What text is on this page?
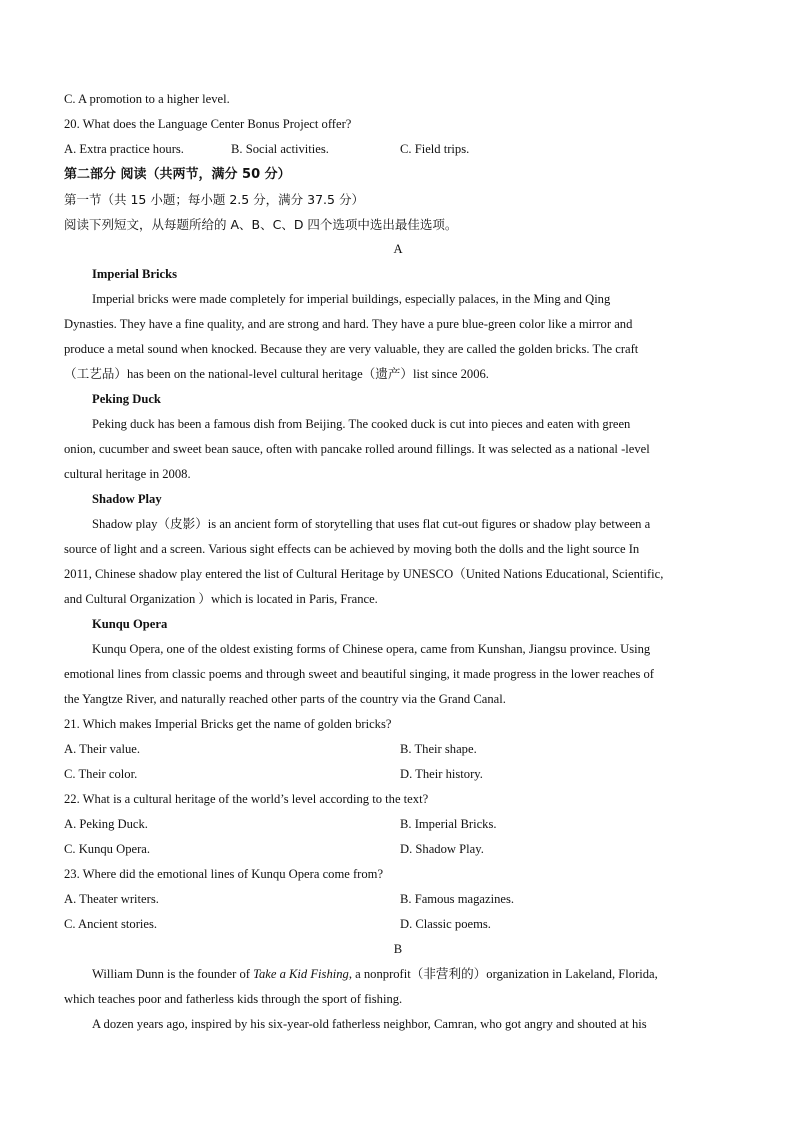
C. A promotion to a higher level.
20. What does the Language Center Bonus Project offer?
A. Extra practice hours.	B. Social activities.	C. Field trips.
第二部分 阅读（共两节，满分 50 分）
第一节（共 15 小题；每小题 2.5 分，满分 37.5 分）
阅读下列短文，从每题所给的 A、B、C、D 四个选项中选出最佳选项。
A
Imperial Bricks
Imperial bricks were made completely for imperial buildings, especially palaces, in the Ming and Qing
Dynasties. They have a fine quality, and are strong and hard. They have a pure blue-green color like a mirror and
produce a metal sound when knocked. Because they are very valuable, they are called the golden bricks. The craft
（工艺品）has been on the national-level cultural heritage（遗产）list since 2006.
Peking Duck
Peking duck has been a famous dish from Beijing. The cooked duck is cut into pieces and eaten with green
onion, cucumber and sweet bean sauce, often with pancake rolled around fillings. It was selected as a national -level
cultural heritage in 2008.
Shadow Play
Shadow play（皮影）is an ancient form of storytelling that uses flat cut-out figures or shadow play between a
source of light and a screen. Various sight effects can be achieved by moving both the dolls and the light source In
2011, Chinese shadow play entered the list of Cultural Heritage by UNESCO（United Nations Educational, Scientific,
and Cultural Organization ）which is located in Paris, France.
Kunqu Opera
Kunqu Opera, one of the oldest existing forms of Chinese opera, came from Kunshan, Jiangsu province. Using
emotional lines from classic poems and through sweet and beautiful singing, it made progress in the lower reaches of
the Yangtze River, and naturally reached other parts of the country via the Grand Canal.
21. Which makes Imperial Bricks get the name of golden bricks?
A. Their value.	B. Their shape.
C. Their color.	D. Their history.
22. What is a cultural heritage of the world’s level according to the text?
A. Peking Duck.	B. Imperial Bricks.
C. Kunqu Opera.	D. Shadow Play.
23. Where did the emotional lines of Kunqu Opera come from?
A. Theater writers.	B. Famous magazines.
C. Ancient stories.	D. Classic poems.
B
William Dunn is the founder of Take a Kid Fishing, a nonprofit（非营利的）organization in Lakeland, Florida,
which teaches poor and fatherless kids through the sport of fishing.
A dozen years ago, inspired by his six-year-old fatherless neighbor, Camran, who got angry and shouted at his
